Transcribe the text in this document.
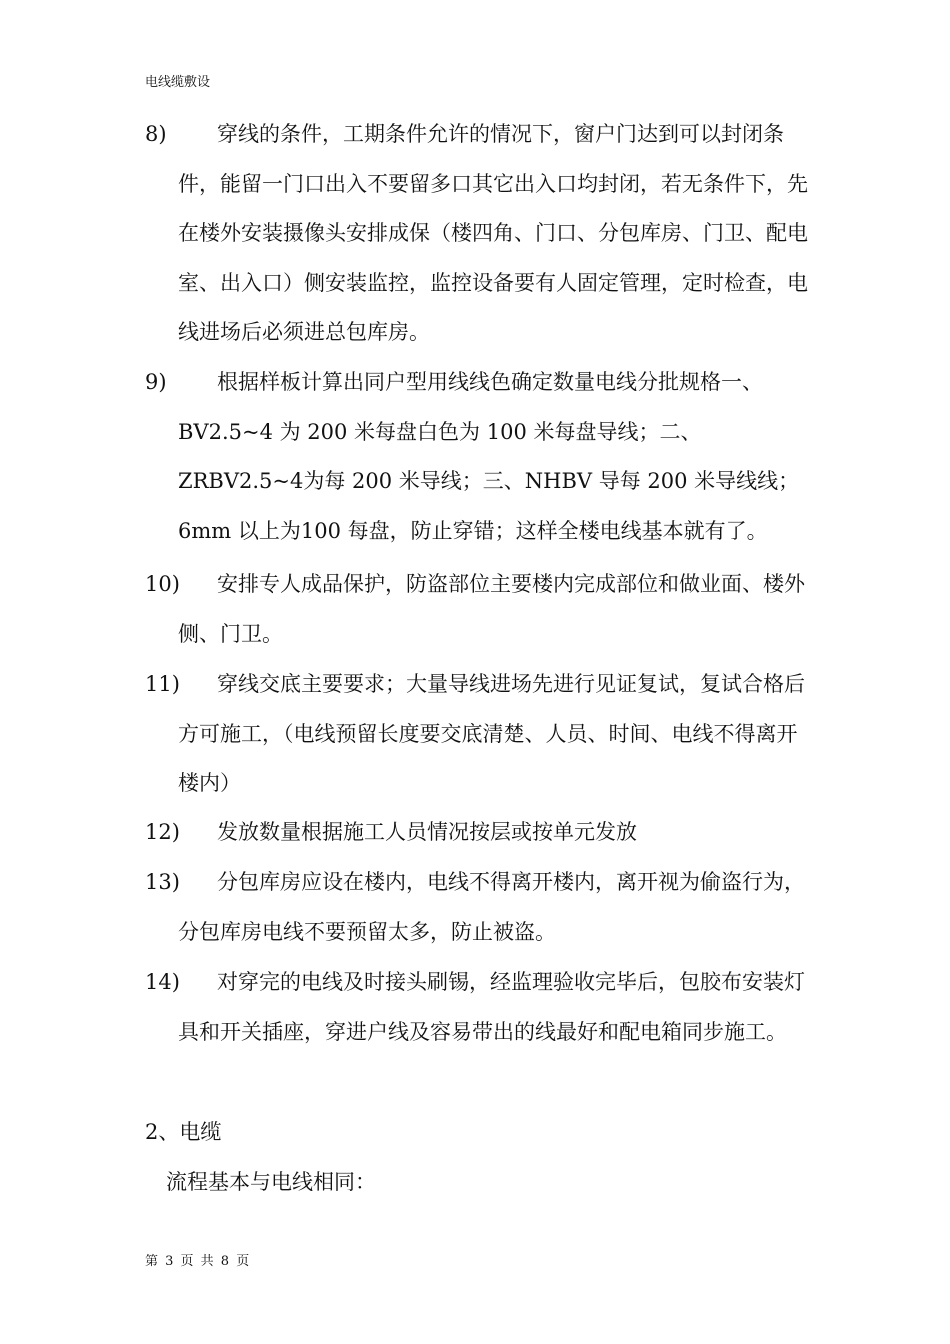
电线缆敷设
8)	穿线的条件，工期条件允许的情况下，窗户门达到可以封闭条件，能留一门口出入不要留多口其它出入口均封闭，若无条件下，先在楼外安装摄像头安排成保（楼四角、门口、分包库房、门卫、配电室、出入口）侧安装监控，监控设备要有人固定管理，定时检查，电线进场后必须进总包库房。
9)	根据样板计算出同户型用线线色确定数量电线分批规格一、BV2.5~4 为 200 米每盘白色为 100 米每盘导线；二、ZRBV2.5~4为每 200 米导线；三、NHBV 导每 200 米导线线；6mm 以上为100 每盘，防止穿错；这样全楼电线基本就有了。
10)	安排专人成品保护，防盗部位主要楼内完成部位和做业面、楼外侧、门卫。
11)	穿线交底主要要求；大量导线进场先进行见证复试，复试合格后方可施工，（电线预留长度要交底清楚、人员、时间、电线不得离开楼内）
12)	发放数量根据施工人员情况按层或按单元发放
13)	分包库房应设在楼内，电线不得离开楼内，离开视为偷盗行为，分包库房电线不要预留太多，防止被盗。
14)	对穿完的电线及时接头刷锡，经监理验收完毕后，包胶布安装灯具和开关插座，穿进户线及容易带出的线最好和配电箱同步施工。
2、电缆
流程基本与电线相同：
第 3 页 共 8 页
